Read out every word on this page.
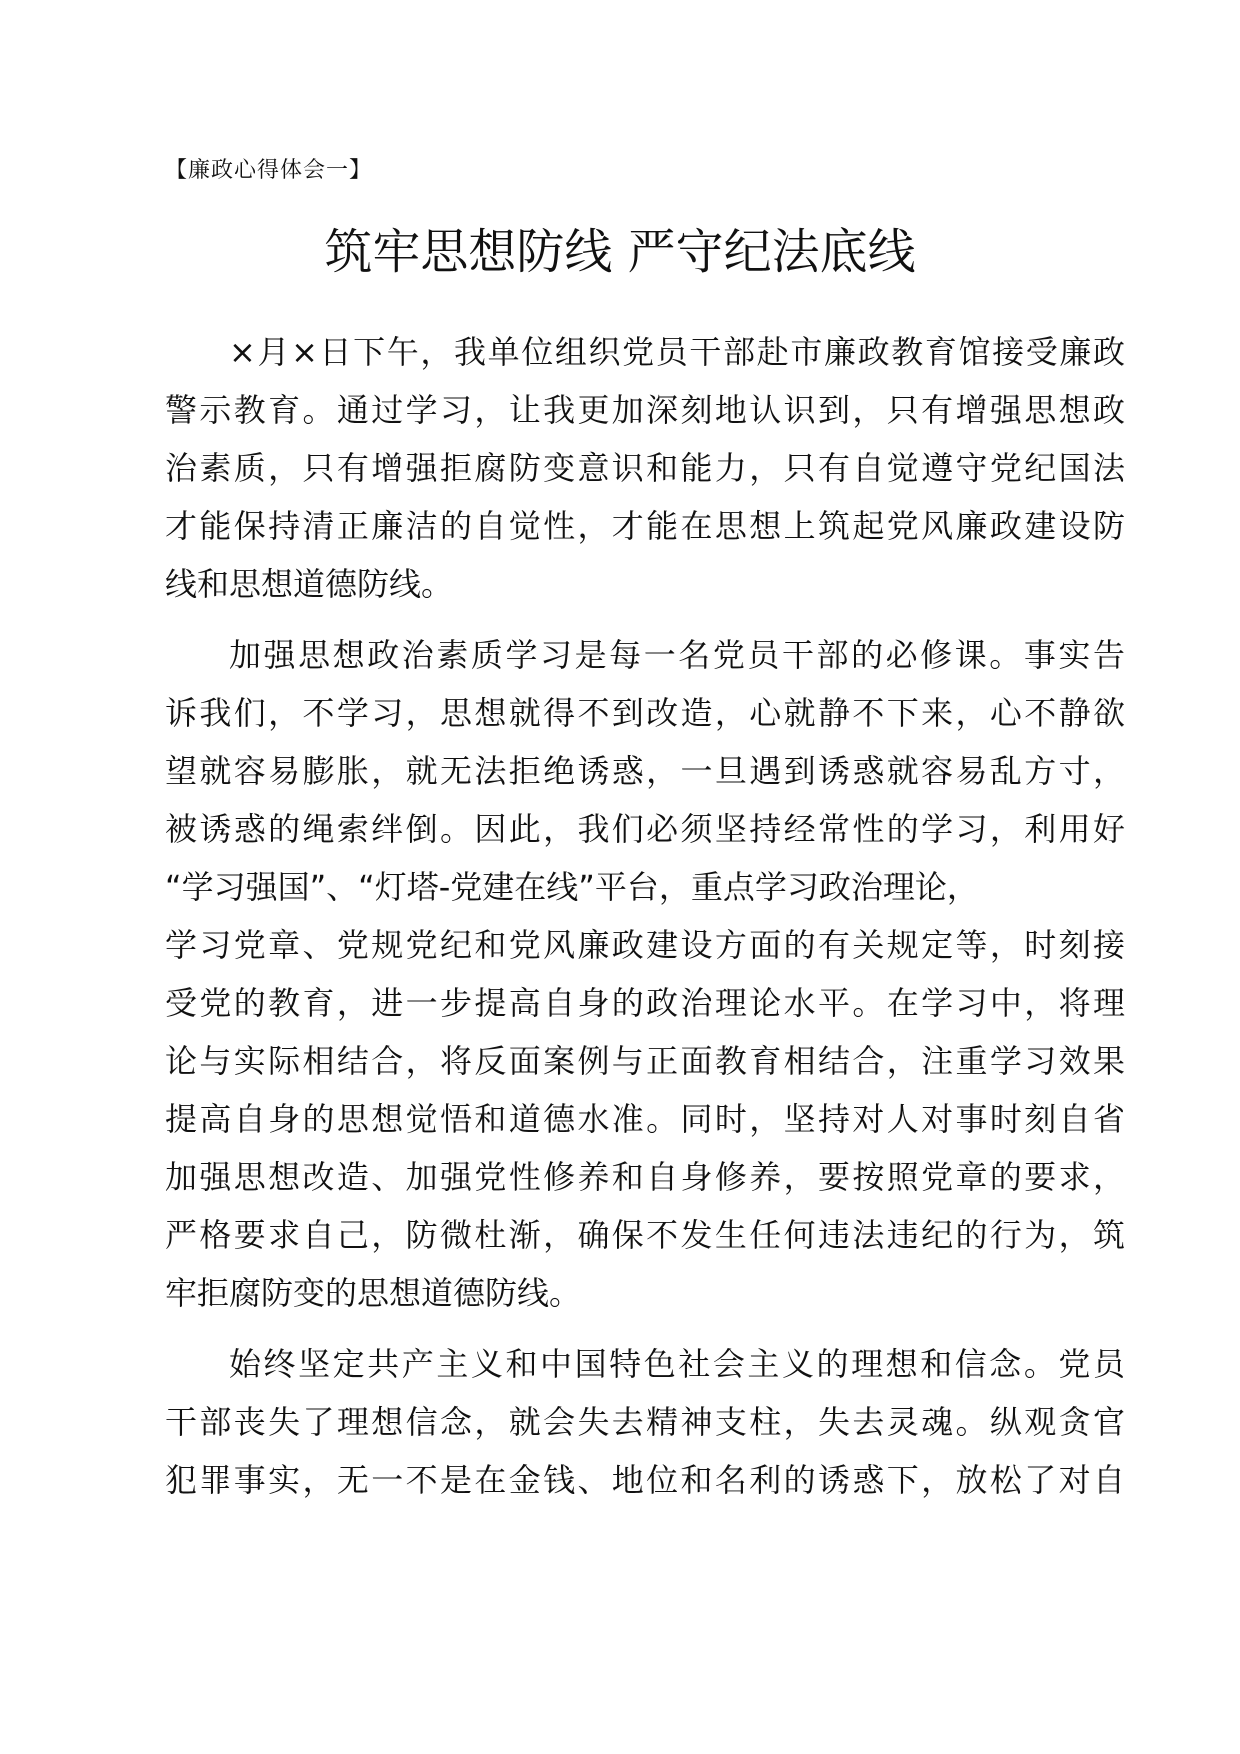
【廉政心得体会一】
筑牢思想防线 严守纪法底线
×月×日下午，我单位组织党员干部赴市廉政教育馆接受廉政
警示教育。通过学习，让我更加深刻地认识到，只有增强思想政
治素质，只有增强拒腐防变意识和能力，只有自觉遵守党纪国法
才能保持清正廉洁的自觉性，才能在思想上筑起党风廉政建设防
线和思想道德防线。
加强思想政治素质学习是每一名党员干部的必修课。事实告
诉我们，不学习，思想就得不到改造，心就静不下来，心不静欲
望就容易膨胀，就无法拒绝诱惑，一旦遇到诱惑就容易乱方寸，
被诱惑的绳索绊倒。因此，我们必须坚持经常性的学习，利用好
“学习强国”、“灯塔-党建在线”平台，重点学习政治理论，
学习党章、党规党纪和党风廉政建设方面的有关规定等，时刻接
受党的教育，进一步提高自身的政治理论水平。在学习中，将理
论与实际相结合，将反面案例与正面教育相结合，注重学习效果
提高自身的思想觉悟和道德水准。同时，坚持对人对事时刻自省
加强思想改造、加强党性修养和自身修养，要按照党章的要求，
严格要求自己，防微杜渐，确保不发生任何违法违纪的行为，筑
牢拒腐防变的思想道德防线。
始终坚定共产主义和中国特色社会主义的理想和信念。党员
干部丧失了理想信念，就会失去精神支柱，失去灵魂。纵观贪官
犯罪事实，无一不是在金钱、地位和名利的诱惑下，放松了对自
